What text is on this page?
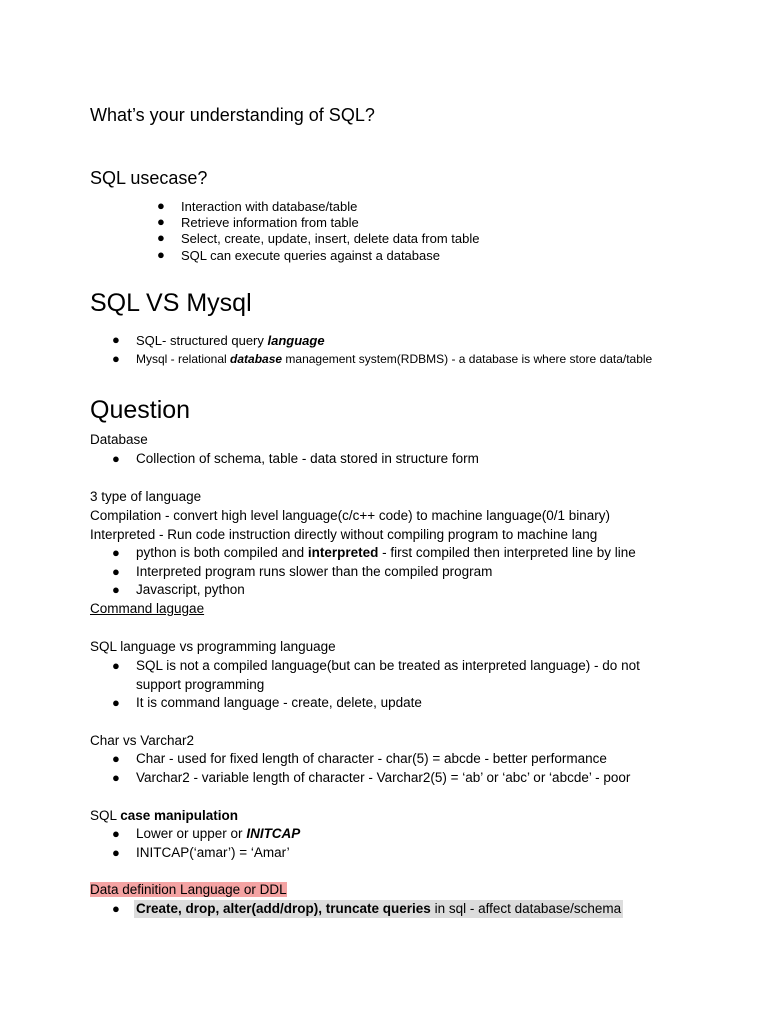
What’s your understanding of SQL?
SQL usecase?
● Interaction with database/table
● Retrieve information from table
● Select, create, update, insert, delete data from table
● SQL can execute queries against a database
SQL VS Mysql
● SQL- structured query language
● Mysql - relational database management system(RDBMS) - a database is where store data/table
Question
Database
● Collection of schema, table - data stored in structure form
3 type of language
Compilation - convert high level language(c/c++ code) to machine language(0/1 binary)
Interpreted - Run code instruction directly without compiling program to machine lang
● python is both compiled and interpreted - first compiled then interpreted line by line
● Interpreted program runs slower than the compiled program
● Javascript, python
Command lagugae
SQL language vs programming language
● SQL is not a compiled language(but can be treated as interpreted language) - do not
support programming
● It is command language - create, delete, update
Char vs Varchar2
● Char - used for fixed length of character - char(5) = abcde - better performance
● Varchar2 - variable length of character - Varchar2(5) = ‘ab’ or ‘abc’ or ‘abcde’ - poor
SQL case manipulation
● Lower or upper or INITCAP
● INITCAP(‘amar’) = ‘Amar’
Data definition Language or DDL
● Create, drop, alter(add/drop), truncate queries in sql - affect database/schema
